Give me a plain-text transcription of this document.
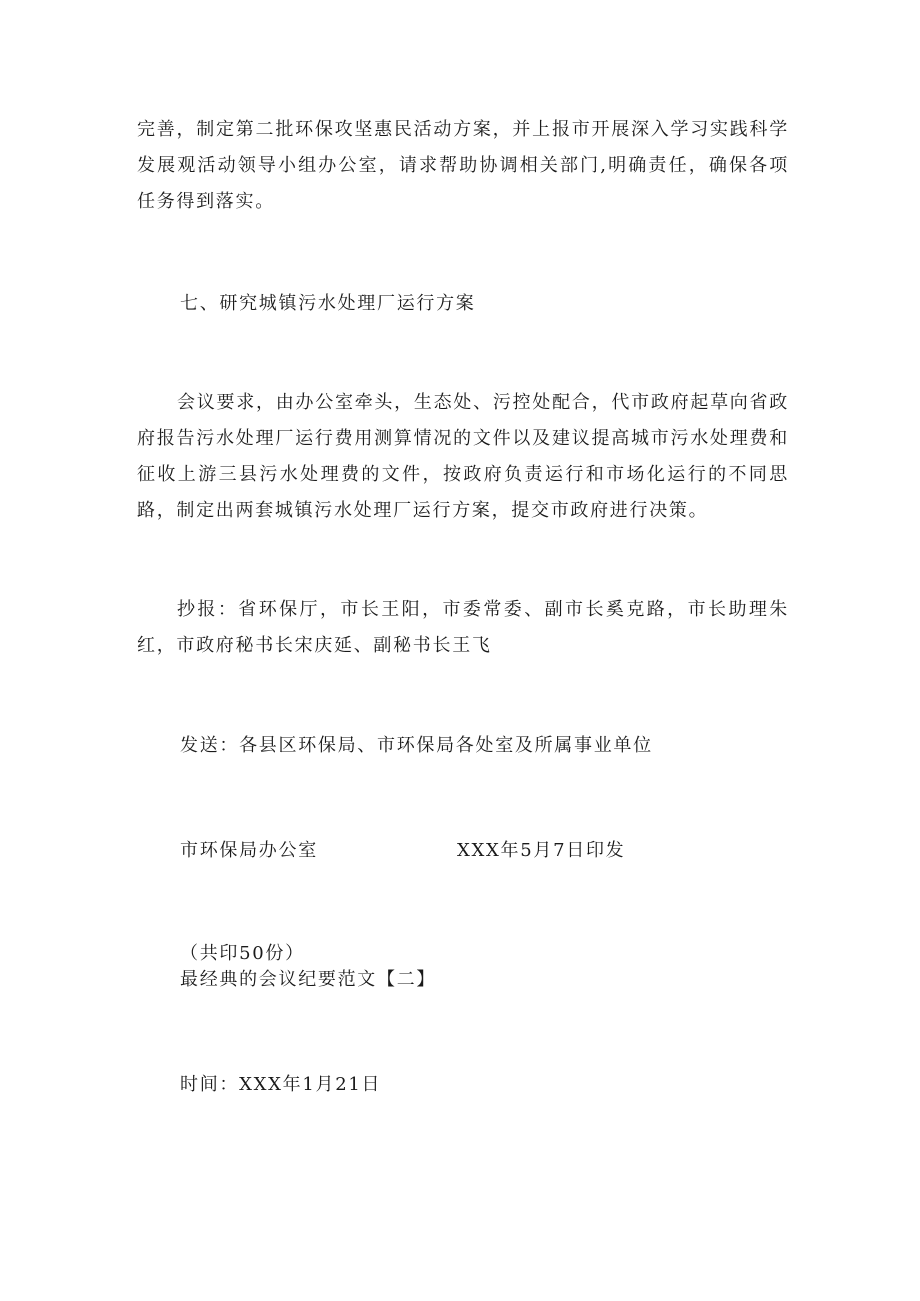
完善，制定第二批环保攻坚惠民活动方案，并上报市开展深入学习实践科学发展观活动领导小组办公室，请求帮助协调相关部门,明确责任，确保各项任务得到落实。

七、研究城镇污水处理厂运行方案

会议要求，由办公室牵头，生态处、污控处配合，代市政府起草向省政府报告污水处理厂运行费用测算情况的文件以及建议提高城市污水处理费和征收上游三县污水处理费的文件，按政府负责运行和市场化运行的不同思路，制定出两套城镇污水处理厂运行方案，提交市政府进行决策。

抄报：省环保厅，市长王阳，市委常委、副市长奚克路，市长助理朱红，市政府秘书长宋庆延、副秘书长王飞

发送：各县区环保局、市环保局各处室及所属事业单位

市环保局办公室	XXX年5月7日印发

（共印50份）

最经典的会议纪要范文【二】

时间：XXX年1月21日
